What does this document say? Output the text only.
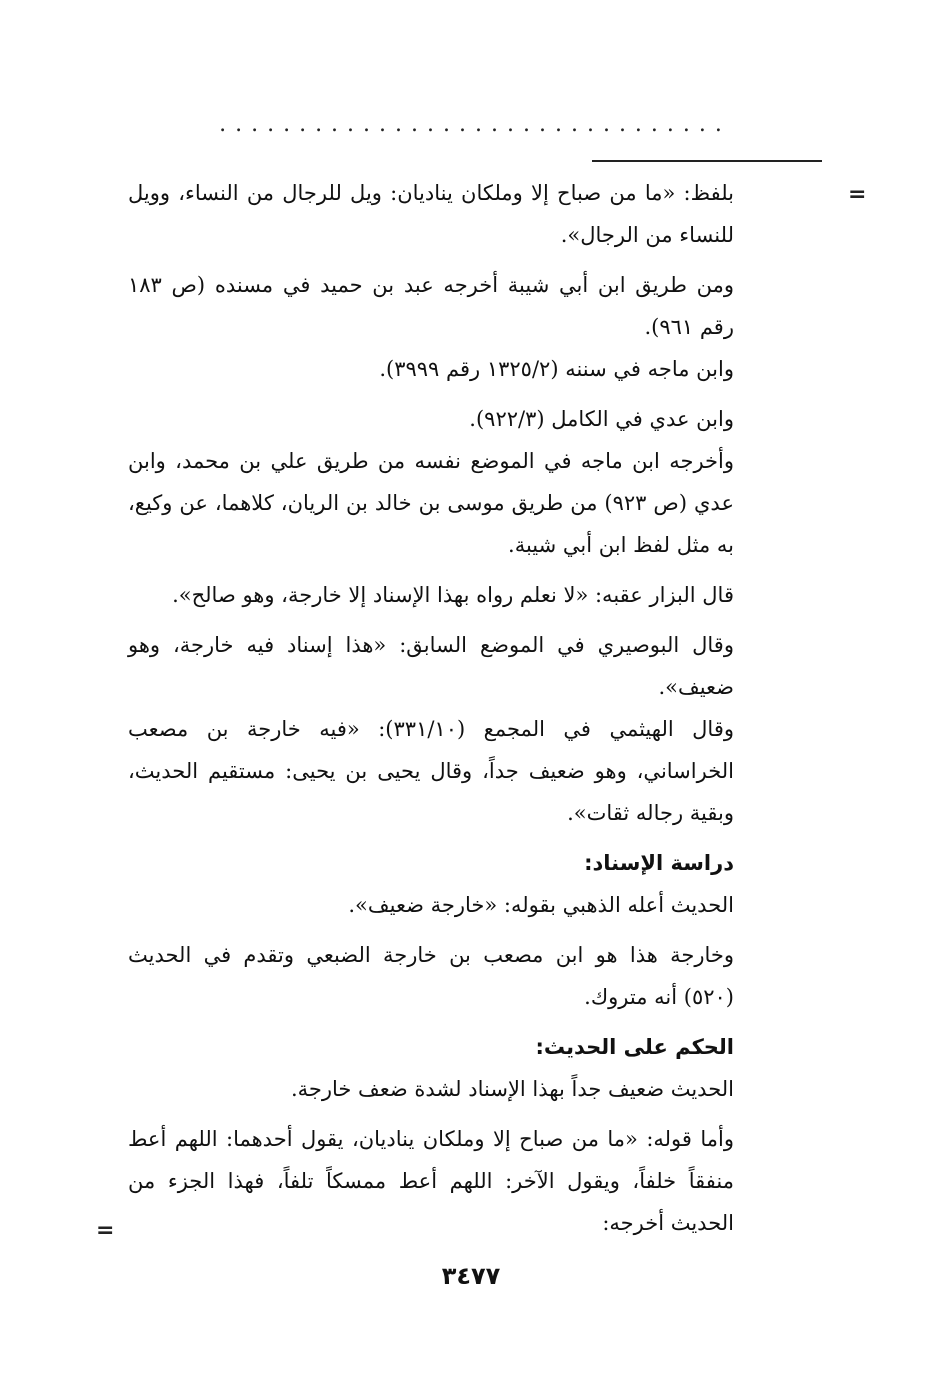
................................
=

بلفظ: «ما من صباح إلا وملكان يناديان: ويل للرجال من النساء، وويل للنساء من الرجال».

ومن طريق ابن أبي شيبة أخرجه عبد بن حميد في مسنده (ص ١٨٣ رقم ٩٦١).

وابن ماجه في سننه (١٣٢٥/٢ رقم ٣٩٩٩).

وابن عدي في الكامل (٩٢٢/٣).

وأخرجه ابن ماجه في الموضع نفسه من طريق علي بن محمد، وابن عدي (ص ٩٢٣) من طريق موسى بن خالد بن الريان، كلاهما، عن وكيع، به مثل لفظ ابن أبي شيبة.

قال البزار عقبه: «لا نعلم رواه بهذا الإسناد إلا خارجة، وهو صالح».

وقال البوصيري في الموضع السابق: «هذا إسناد فيه خارجة، وهو ضعيف».

وقال الهيثمي في المجمع (٣٣١/١٠): «فيه خارجة بن مصعب الخراساني، وهو ضعيف جداً، وقال يحيى بن يحيى: مستقيم الحديث، وبقية رجاله ثقات».

دراسة الإسناد:

الحديث أعله الذهبي بقوله: «خارجة ضعيف».

وخارجة هذا هو ابن مصعب بن خارجة الضبعي وتقدم في الحديث (٥٢٠) أنه متروك.

الحكم على الحديث:

الحديث ضعيف جداً بهذا الإسناد لشدة ضعف خارجة.

وأما قوله: «ما من صباح إلا وملكان يناديان، يقول أحدهما: اللهم أعط منفقاً خلفاً، ويقول الآخر: اللهم أعط ممسكاً تلفاً، فهذا الجزء من الحديث أخرجه:

=
٣٤٧٧
